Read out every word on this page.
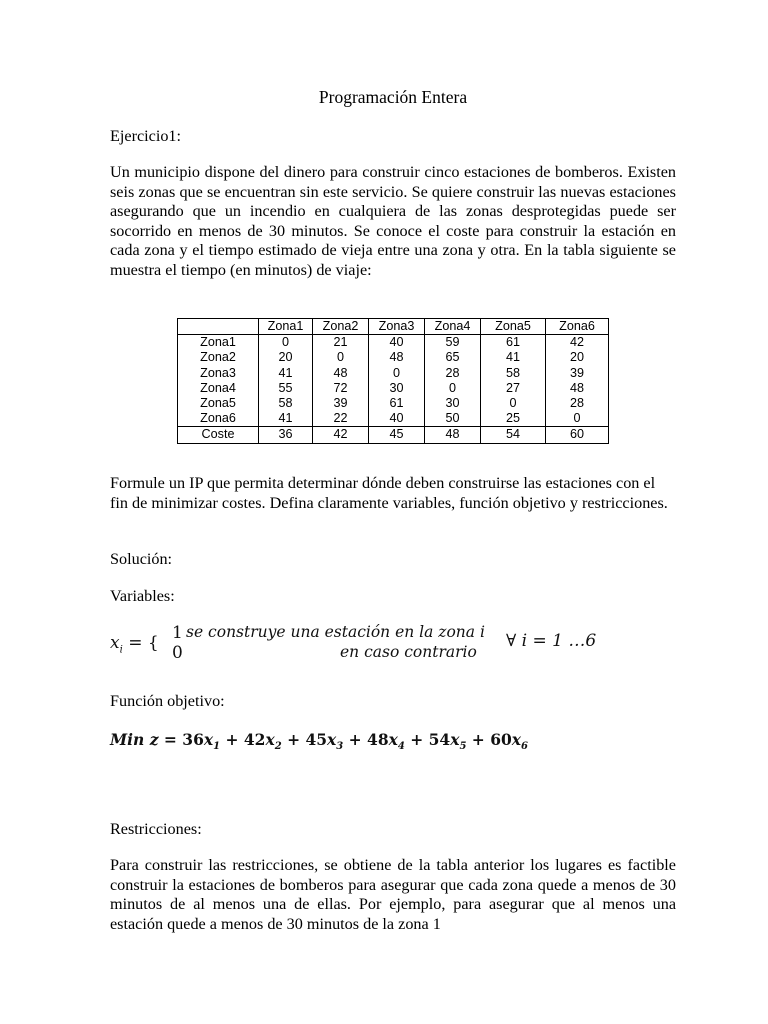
Programación Entera

Ejercicio1:

Un municipio dispone del dinero para construir cinco estaciones de bomberos. Existen seis zonas que se encuentran sin este servicio. Se quiere construir las nuevas estaciones asegurando que un incendio en cualquiera de las zonas desprotegidas puede ser socorrido en menos de 30 minutos. Se conoce el coste para construir la estación en cada zona y el tiempo estimado de vieja entre una zona y otra. En la tabla siguiente se muestra el tiempo (en minutos) de viaje:

	Zona1	Zona2	Zona3	Zona4	Zona5	Zona6
Zona1	0	21	40	59	61	42
Zona2	20	0	48	65	41	20
Zona3	41	48	0	28	58	39
Zona4	55	72	30	0	27	48
Zona5	58	39	61	30	0	28
Zona6	41	22	40	50	25	0
Coste	36	42	45	48	54	60

Formule un IP que permita determinar dónde deben construirse las estaciones con el fin de minimizar costes. Defina claramente variables, función objetivo y restricciones.

Solución:

Variables:

$x_i$ = { 1 se construye una estación en la zona i
0	en caso contrario
∀ i = 1 …6

Función objetivo:

Min $z = 36x_1 + 42x_2 + 45x_3 + 48x_4 + 54x_5 + 60x_6$

Restricciones:

Para construir las restricciones, se obtiene de la tabla anterior los lugares es factible construir la estaciones de bomberos para asegurar que cada zona quede a menos de 30 minutos de al menos una de ellas. Por ejemplo, para asegurar que al menos una estación quede a menos de 30 minutos de la zona 1
